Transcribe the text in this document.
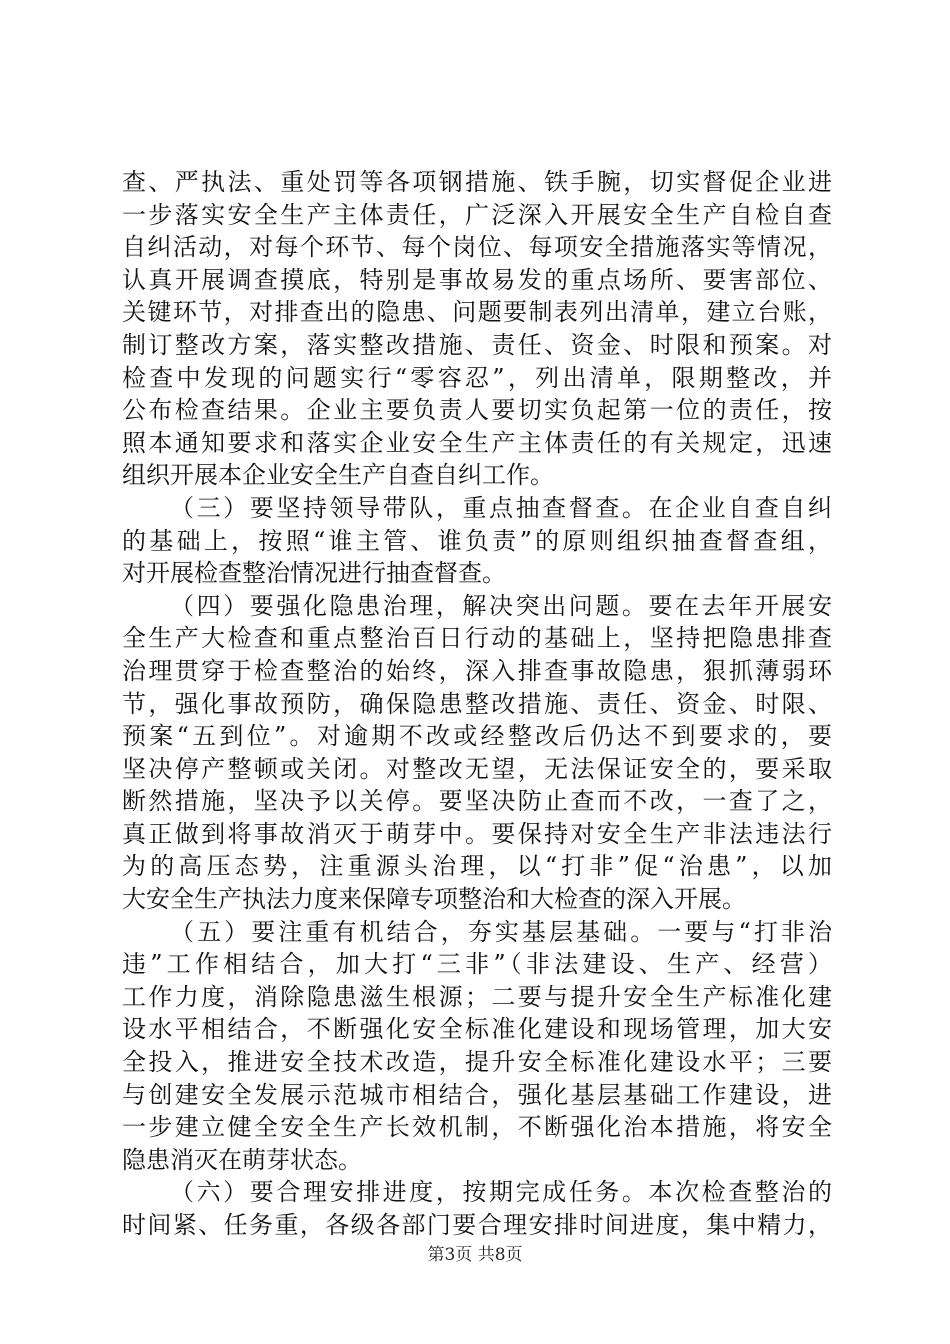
查、严执法、重处罚等各项钢措施、铁手腕，切实督促企业进
一步落实安全生产主体责任，广泛深入开展安全生产自检自查
自纠活动，对每个环节、每个岗位、每项安全措施落实等情况，
认真开展调查摸底，特别是事故易发的重点场所、要害部位、
关键环节，对排查出的隐患、问题要制表列出清单，建立台账，
制订整改方案，落实整改措施、责任、资金、时限和预案。对
检查中发现的问题实行“零容忍”，列出清单，限期整改，并
公布检查结果。企业主要负责人要切实负起第一位的责任，按
照本通知要求和落实企业安全生产主体责任的有关规定，迅速
组织开展本企业安全生产自查自纠工作。
（三）要坚持领导带队，重点抽查督查。在企业自查自纠
的基础上，按照“谁主管、谁负责”的原则组织抽查督查组，
对开展检查整治情况进行抽查督查。
（四）要强化隐患治理，解决突出问题。要在去年开展安
全生产大检查和重点整治百日行动的基础上，坚持把隐患排查
治理贯穿于检查整治的始终，深入排查事故隐患，狠抓薄弱环
节，强化事故预防，确保隐患整改措施、责任、资金、时限、
预案“五到位”。对逾期不改或经整改后仍达不到要求的，要
坚决停产整顿或关闭。对整改无望，无法保证安全的，要采取
断然措施，坚决予以关停。要坚决防止查而不改，一查了之，
真正做到将事故消灭于萌芽中。要保持对安全生产非法违法行
为的高压态势，注重源头治理，以“打非”促“治患”，以加
大安全生产执法力度来保障专项整治和大检查的深入开展。
（五）要注重有机结合，夯实基层基础。一要与“打非治
违”工作相结合，加大打“三非”（非法建设、生产、经营）
工作力度，消除隐患滋生根源；二要与提升安全生产标准化建
设水平相结合，不断强化安全标准化建设和现场管理，加大安
全投入，推进安全技术改造，提升安全标准化建设水平；三要
与创建安全发展示范城市相结合，强化基层基础工作建设，进
一步建立健全安全生产长效机制，不断强化治本措施，将安全
隐患消灭在萌芽状态。
（六）要合理安排进度，按期完成任务。本次检查整治的
时间紧、任务重，各级各部门要合理安排时间进度，集中精力，
第3页 共8页
